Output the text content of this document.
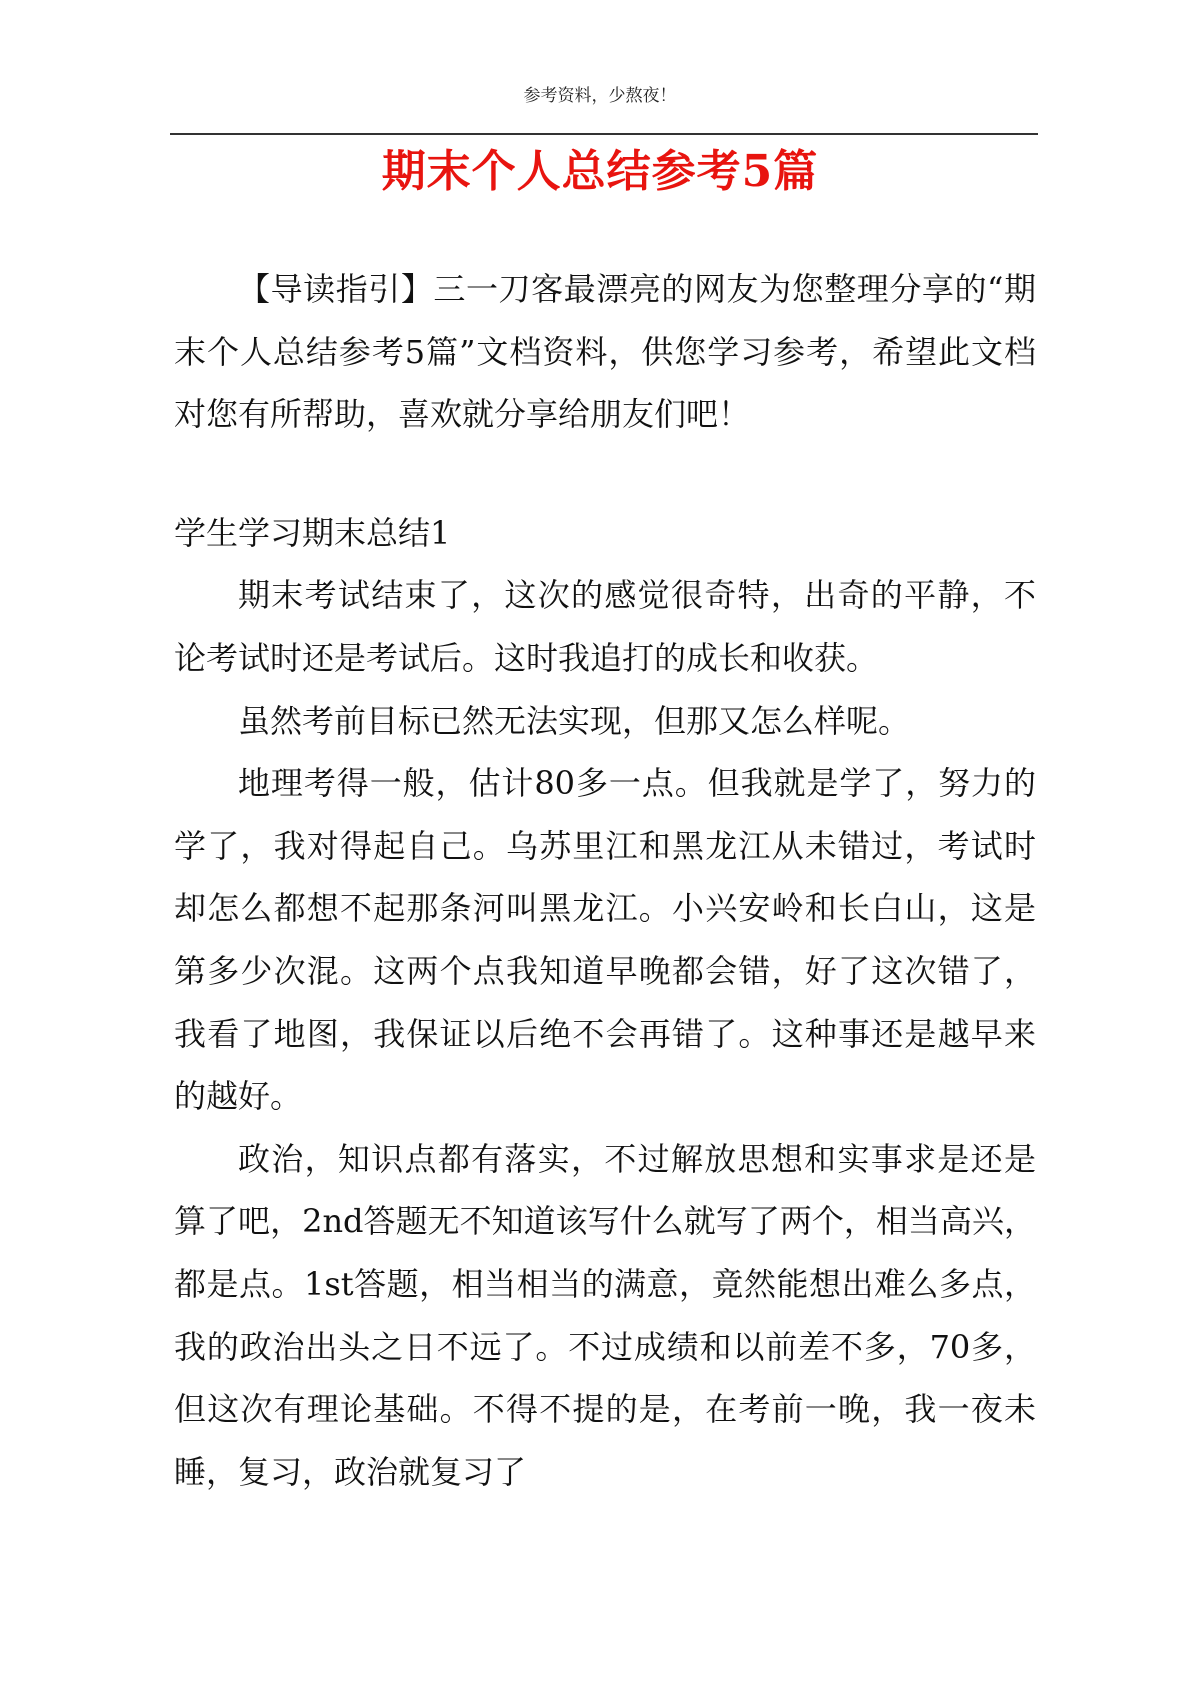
参考资料，少熬夜！
期末个人总结参考5篇

【导读指引】三一刀客最漂亮的网友为您整理分享的“期末个人总结参考5篇”文档资料，供您学习参考，希望此文档对您有所帮助，喜欢就分享给朋友们吧！

学生学习期末总结1

期末考试结束了，这次的感觉很奇特，出奇的平静，不论考试时还是考试后。这时我追打的成长和收获。

虽然考前目标已然无法实现，但那又怎么样呢。

地理考得一般，估计80多一点。但我就是学了，努力的学了，我对得起自己。乌苏里江和黑龙江从未错过，考试时却怎么都想不起那条河叫黑龙江。小兴安岭和长白山，这是第多少次混。这两个点我知道早晚都会错，好了这次错了，我看了地图，我保证以后绝不会再错了。这种事还是越早来的越好。

政治，知识点都有落实，不过解放思想和实事求是还是算了吧，2nd答题无不知道该写什么就写了两个，相当高兴，都是点。1st答题，相当相当的满意，竟然能想出难么多点，我的政治出头之日不远了。不过成绩和以前差不多，70多，但这次有理论基础。不得不提的是，在考前一晚，我一夜未睡，复习，政治就复习了
